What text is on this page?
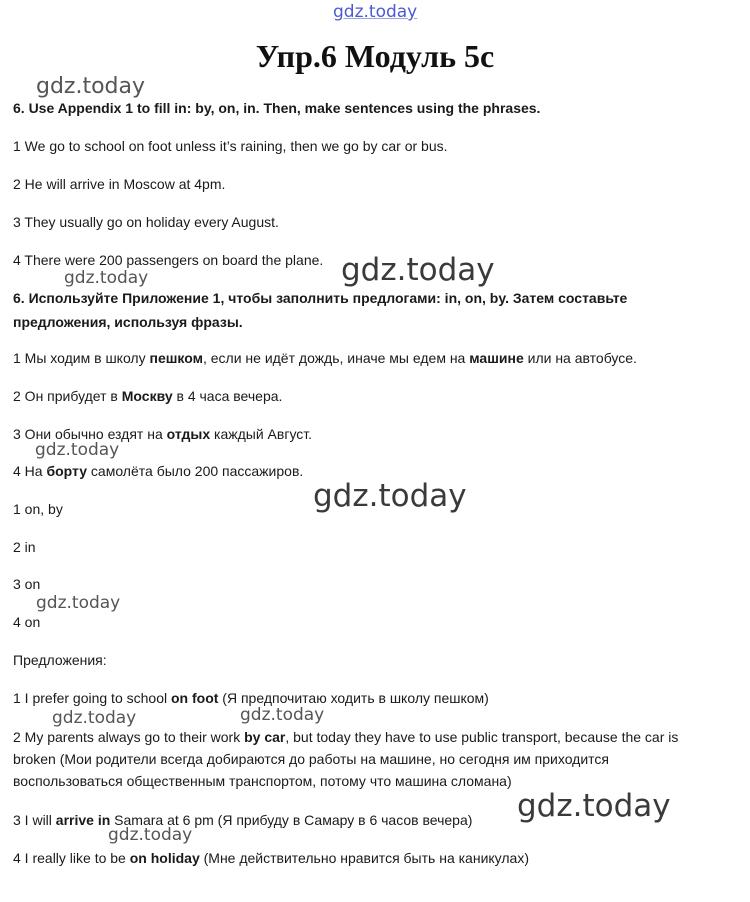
gdz.today
gdz.today
gdz.today	gdz.today
gdz.today
gdz.today
gdz.today
gdz.today	gdz.today
gdz.today
gdz.today
Упр.6 Модуль 5с
6. Use Appendix 1 to fill in: by, on, in. Then, make sentences using the phrases.
1 We go to school on foot unless it’s raining, then we go by car or bus.
2 He will arrive in Moscow at 4pm.
3 They usually go on holiday every August.
4 There were 200 passengers on board the plane.
6. Используйте Приложение 1, чтобы заполнить предлогами: in, on, by. Затем составьте
предложения, используя фразы.
1 Мы ходим в школу пешком, если не идёт дождь, иначе мы едем на машине или на автобусе.
2 Он прибудет в Москву в 4 часа вечера.
3 Они обычно ездят на отдых каждый Август.
4 На борту самолёта было 200 пассажиров.
1 on, by
2 in
3 on
4 on
Предложения:
1 I prefer going to school on foot (Я предпочитаю ходить в школу пешком)
2 My parents always go to their work by car, but today they have to use public transport, because the car is broken (Мои родители всегда добираются до работы на машине, но сегодня им приходится воспользоваться общественным транспортом, потому что машина сломана)
3 I will arrive in Samara at 6 pm (Я прибуду в Самару в 6 часов вечера)
4 I really like to be on holiday (Мне действительно нравится быть на каникулах)
